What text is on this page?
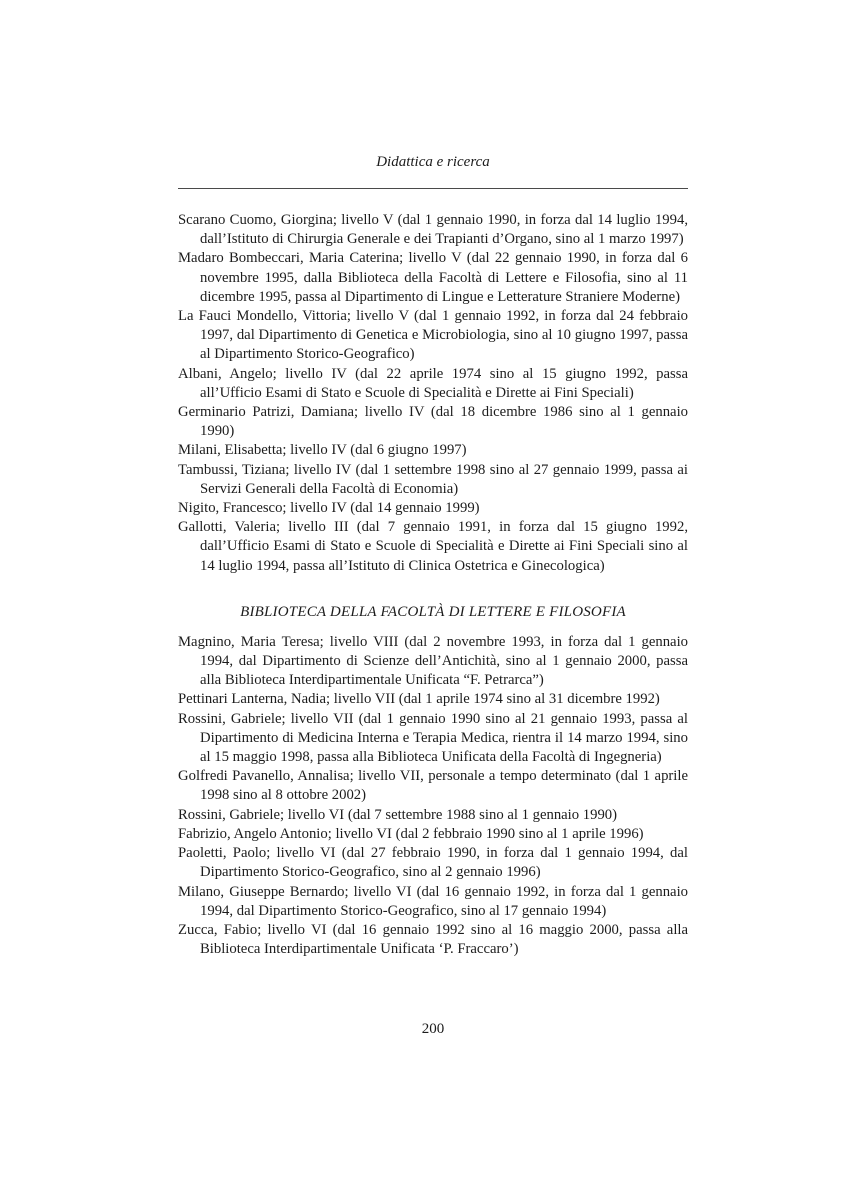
Didattica e ricerca

Scarano Cuomo, Giorgina; livello V (dal 1 gennaio 1990, in forza dal 14 luglio 1994, dall’Istituto di Chirurgia Generale e dei Trapianti d’Organo, sino al 1 marzo 1997)

Madaro Bombeccari, Maria Caterina; livello V (dal 22 gennaio 1990, in forza dal 6 novembre 1995, dalla Biblioteca della Facoltà di Lettere e Filosofia, sino al 11 dicembre 1995, passa al Dipartimento di Lingue e Letterature Straniere Moderne)

La Fauci Mondello, Vittoria; livello V (dal 1 gennaio 1992, in forza dal 24 febbraio 1997, dal Dipartimento di Genetica e Microbiologia, sino al 10 giugno 1997, passa al Dipartimento Storico-Geografico)

Albani, Angelo; livello IV (dal 22 aprile 1974 sino al 15 giugno 1992, passa all’Ufficio Esami di Stato e Scuole di Specialità e Dirette ai Fini Speciali)

Germinario Patrizi, Damiana; livello IV (dal 18 dicembre 1986 sino al 1 gennaio 1990)

Milani, Elisabetta; livello IV (dal 6 giugno 1997)

Tambussi, Tiziana; livello IV (dal 1 settembre 1998 sino al 27 gennaio 1999, passa ai Servizi Generali della Facoltà di Economia)

Nigito, Francesco; livello IV (dal 14 gennaio 1999)

Gallotti, Valeria; livello III (dal 7 gennaio 1991, in forza dal 15 giugno 1992, dall’Ufficio Esami di Stato e Scuole di Specialità e Dirette ai Fini Speciali sino al 14 luglio 1994, passa all’Istituto di Clinica Ostetrica e Ginecologica)

BIBLIOTECA DELLA FACOLTÀ DI LETTERE E FILOSOFIA

Magnino, Maria Teresa; livello VIII (dal 2 novembre 1993, in forza dal 1 gennaio 1994, dal Dipartimento di Scienze dell’Antichità, sino al 1 gennaio 2000, passa alla Biblioteca Interdipartimentale Unificata “F. Petrarca”)

Pettinari Lanterna, Nadia; livello VII (dal 1 aprile 1974 sino al 31 dicembre 1992)

Rossini, Gabriele; livello VII (dal 1 gennaio 1990 sino al 21 gennaio 1993, passa al Dipartimento di Medicina Interna e Terapia Medica, rientra il 14 marzo 1994, sino al 15 maggio 1998, passa alla Biblioteca Unificata della Facoltà di Ingegneria)

Golfredi Pavanello, Annalisa; livello VII, personale a tempo determinato (dal 1 aprile 1998 sino al 8 ottobre 2002)

Rossini, Gabriele; livello VI (dal 7 settembre 1988 sino al 1 gennaio 1990)

Fabrizio, Angelo Antonio; livello VI (dal 2 febbraio 1990 sino al 1 aprile 1996)

Paoletti, Paolo; livello VI (dal 27 febbraio 1990, in forza dal 1 gennaio 1994, dal Dipartimento Storico-Geografico, sino al 2 gennaio 1996)

Milano, Giuseppe Bernardo; livello VI (dal 16 gennaio 1992, in forza dal 1 gennaio 1994, dal Dipartimento Storico-Geografico, sino al 17 gennaio 1994)

Zucca, Fabio; livello VI (dal 16 gennaio 1992 sino al 16 maggio 2000, passa alla Biblioteca Interdipartimentale Unificata ‘P. Fraccaro’)

200
